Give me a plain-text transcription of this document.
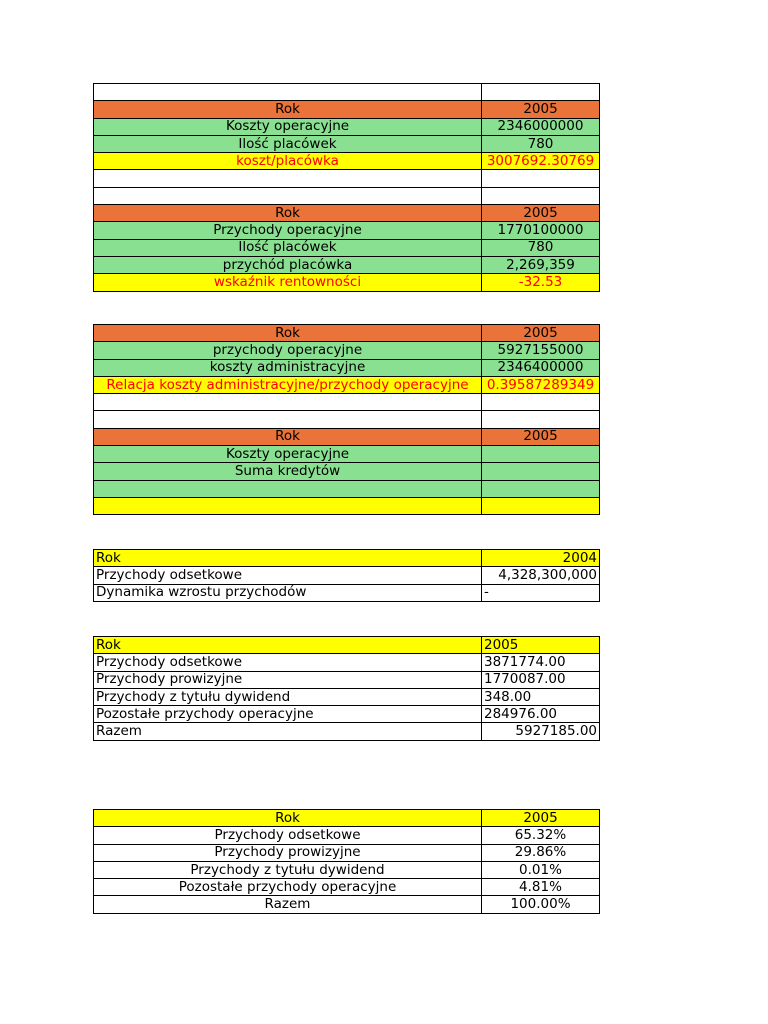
Rok	2005
Koszty operacyjne	2346000000
Ilość placówek	780
koszt/placówka	3007692.30769

Rok	2005
Przychody operacyjne	1770100000
Ilość placówek	780
przychód placówka	2,269,359
wskaźnik rentowności	-32.53
Rok	2005
przychody operacyjne	5927155000
koszty administracyjne	2346400000
Relacja koszty administracyjne/przychody operacyjne	0.39587289349

Rok	2005
Koszty operacyjne	
Suma kredytów	

Rok	2004
Przychody odsetkowe	4,328,300,000
Dynamika wzrostu przychodów	-
Rok	2005
Przychody odsetkowe	3871774.00
Przychody prowizyjne	1770087.00
Przychody z tytułu dywidend	348.00
Pozostałe przychody operacyjne	284976.00
Razem	5927185.00
Rok	2005
Przychody odsetkowe	65.32%
Przychody prowizyjne	29.86%
Przychody z tytułu dywidend	0.01%
Pozostałe przychody operacyjne	4.81%
Razem	100.00%
